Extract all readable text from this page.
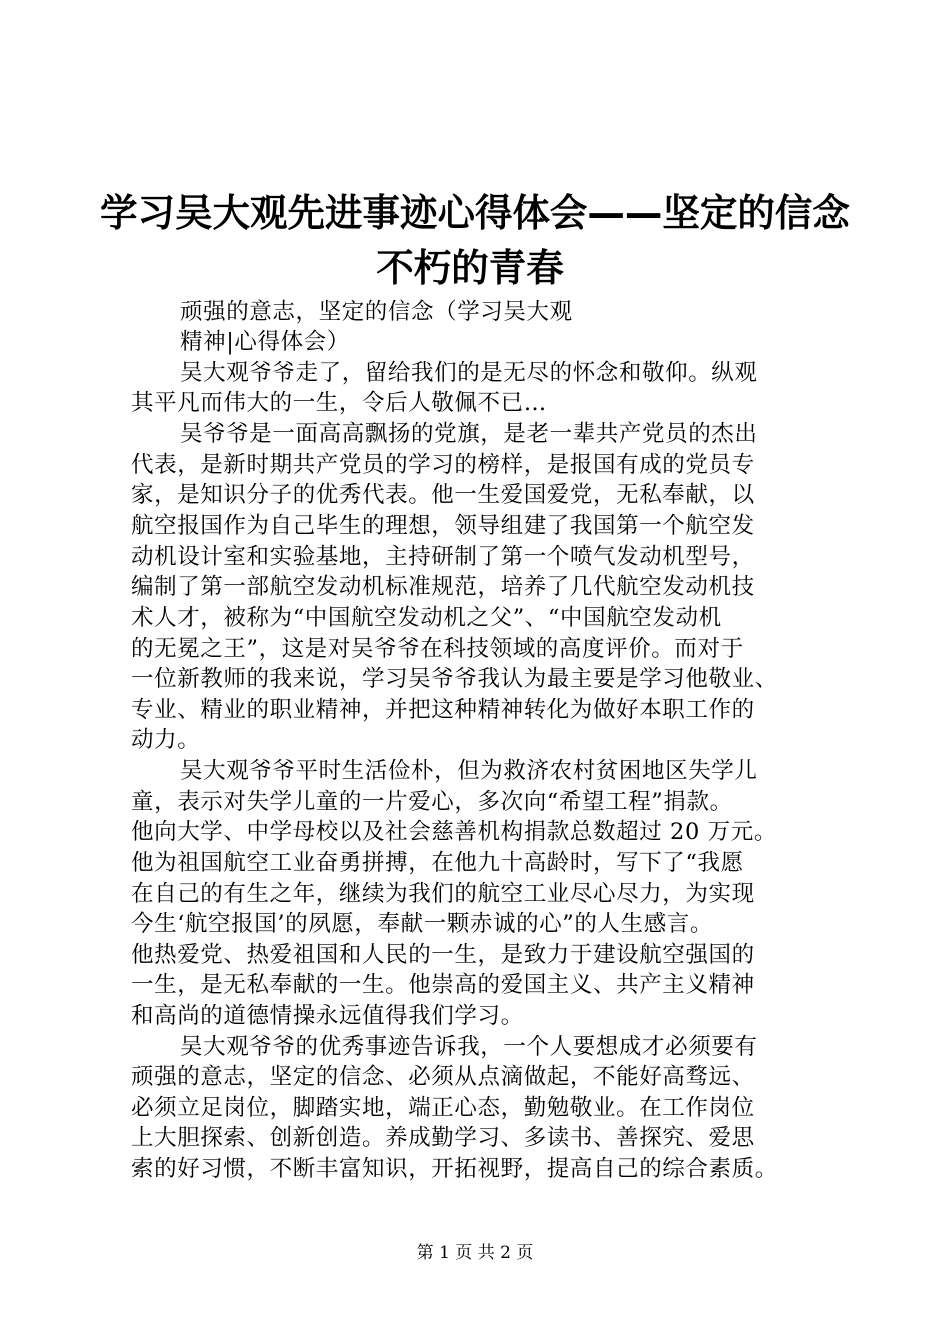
学习吴大观先进事迹心得体会——坚定的信念
不朽的青春
顽强的意志，坚定的信念（学习吴大观
精神|心得体会）
吴大观爷爷走了，留给我们的是无尽的怀念和敬仰。纵观
其平凡而伟大的一生，令后人敬佩不已…
吴爷爷是一面高高飘扬的党旗，是老一辈共产党员的杰出
代表，是新时期共产党员的学习的榜样，是报国有成的党员专
家，是知识分子的优秀代表。他一生爱国爱党，无私奉献，以
航空报国作为自己毕生的理想，领导组建了我国第一个航空发
动机设计室和实验基地，主持研制了第一个喷气发动机型号，
编制了第一部航空发动机标准规范，培养了几代航空发动机技
术人才，被称为“中国航空发动机之父”、“中国航空发动机
的无冕之王”，这是对吴爷爷在科技领域的高度评价。而对于
一位新教师的我来说，学习吴爷爷我认为最主要是学习他敬业、
专业、精业的职业精神，并把这种精神转化为做好本职工作的
动力。
吴大观爷爷平时生活俭朴，但为救济农村贫困地区失学儿
童，表示对失学儿童的一片爱心，多次向“希望工程”捐款。
他向大学、中学母校以及社会慈善机构捐款总数超过 20 万元。
他为祖国航空工业奋勇拼搏，在他九十高龄时，写下了“我愿
在自己的有生之年，继续为我们的航空工业尽心尽力，为实现
今生‘航空报国’的夙愿，奉献一颗赤诚的心”的人生感言。
他热爱党、热爱祖国和人民的一生，是致力于建设航空强国的
一生，是无私奉献的一生。他崇高的爱国主义、共产主义精神
和高尚的道德情操永远值得我们学习。
吴大观爷爷的优秀事迹告诉我，一个人要想成才必须要有
顽强的意志，坚定的信念、必须从点滴做起，不能好高骛远、
必须立足岗位，脚踏实地，端正心态，勤勉敬业。在工作岗位
上大胆探索、创新创造。养成勤学习、多读书、善探究、爱思
索的好习惯，不断丰富知识，开拓视野，提高自己的综合素质。
第 1 页 共 2 页
